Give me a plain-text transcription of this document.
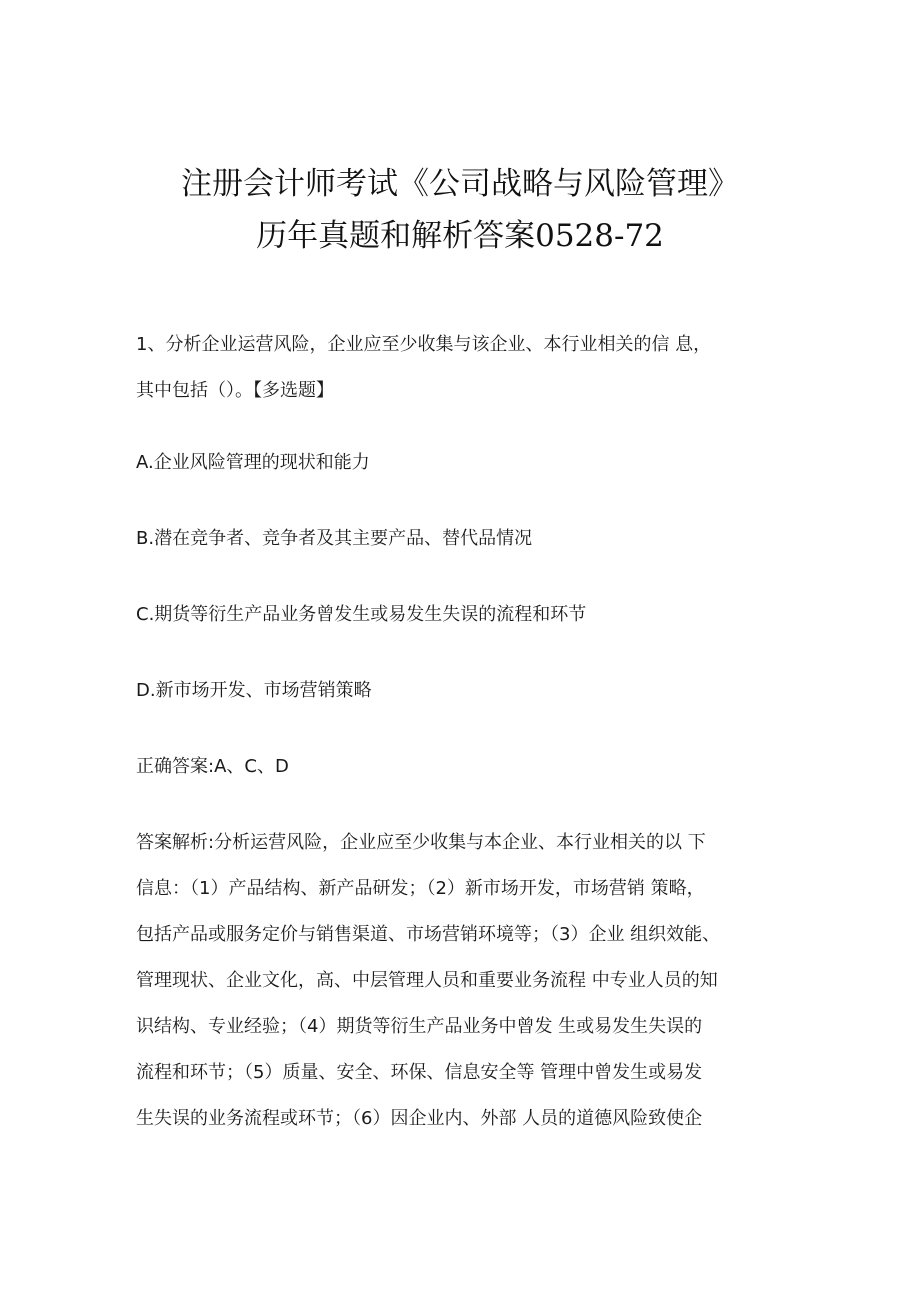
注册会计师考试《公司战略与风险管理》
历年真题和解析答案0528-72
1、分析企业运营风险，企业应至少收集与该企业、本行业相关的信 息，
其中包括（）。【多选题】
A.企业风险管理的现状和能力
B.潜在竞争者、竞争者及其主要产品、替代品情况
C.期货等衍生产品业务曾发生或易发生失误的流程和环节
D.新市场开发、市场营销策略
正确答案:A、C、D
答案解析:分析运营风险，企业应至少收集与本企业、本行业相关的以 下
信息：（1）产品结构、新产品研发；（2）新市场开发，市场营销 策略，
包括产品或服务定价与销售渠道、市场营销环境等；（3）企业 组织效能、
管理现状、企业文化，高、中层管理人员和重要业务流程 中专业人员的知
识结构、专业经验；（4）期货等衍生产品业务中曾发 生或易发生失误的
流程和环节；（5）质量、安全、环保、信息安全等 管理中曾发生或易发
生失误的业务流程或环节；（6）因企业内、外部 人员的道德风险致使企
